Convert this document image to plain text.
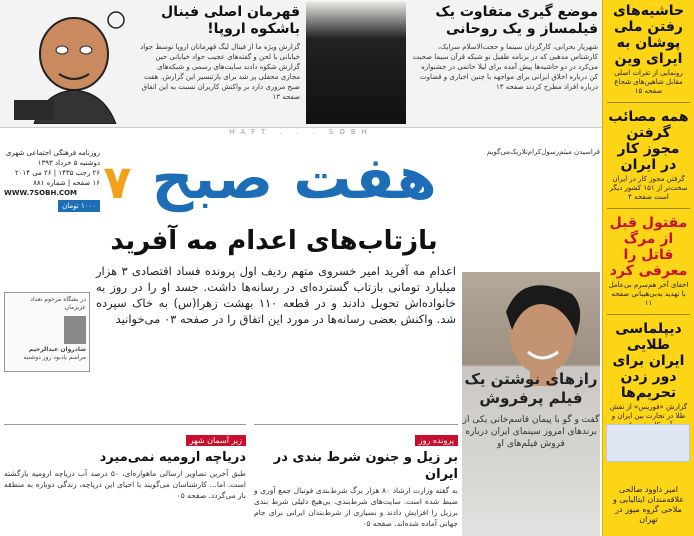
حاشیه‌های رفتن ملی پوشان به ایرای وین
رونمایی از تفرات اصلی مقابل شاهین‌های شجاع صفحه ۱۵
همه مصائب گرفتن مجوز کار در ایران
گرفتن مجوز کار در ایران سخت‌تر از ۱۵۱ کشور دیگر است صفحه ۴
مقتول قبل از مرگ قاتل را معرفی کرد
اخفای آخر هم‌سرم بی‌عامل با تهدید به‌بی‌هیبانی صفحه ۱۱
دیپلماسی طلایی ایران برای دور زدن تحریم‌ها
گزارش «فوریس» از نقش طلا در تجارت بین ایران و
امیر داوود صالحی علاقه‌مندان ایتالیایی و ملاحی گروه میوز در تهران
موضع گیری متفاوت یک فیلمساز و یک روحانی
شهریار بحرانی، کارگردان سینما و حجت‌الاسلام سرایک، کارشناس مذهبی که در برنامه طفیل نو شبکه قرآن سیما صحبت می‌کرد در دو حاشیه‌ها پیش آمده برای لیلا حاتمی در جشنواره کن درباره اخلاق ایرانی برای مواجهه با چنین اخباری و قضاوت درباره افراد مطرح کردند صفحه ۱۳
قهرمان اصلی فینال باشکوه اروپا!
گزارش ویژه ما از فینال لیگ قهرمانان اروپا توسط جواد خیابانی با لحن و گفته‌های عجیب جواد خیابانی حین گزارش شکوه دادند سایت‌های رسمی و شبکه‌های مجازی محفلی پر شد برای بازتنسیر این گزارش. هفت صبح مروری دارد بر واکنش کاربران نسبت به این اتفاق صفحه ۱۳
HAFT . . . SOBH
فراسیدن میثم‌رسول‌کرام‌تلاریک‌می‌گویم
هفت صبح ۷
روزنامه فرهنگی اجتماعی شهری
دوشنبه ۵ خرداد ۱۳۹۳
۲۶ رجب ۱۴۳۵ | ۲۶ می ۲۰۱۴
۱۶ صفحه | شماره ۸۸۱
WWW.7SOBH.COM
۱۰۰۰ تومان
بازتاب‌های اعدام مه آفرید
اعدام مه آفرید امیر خسروی متهم ردیف اول پرونده فساد اقتصادی ۳ هزار میلیارد تومانی بازتاب گسترده‌ای در رسانه‌ها داشت. جسد او را در روز به خانواده‌اش تحویل دادند و در قطعه ۱۱۰ بهشت زهرا(س) به خاک سپرده شد. واکنش بعضی رسانه‌ها در مورد این اتفاق را در صفحه ۰۳ می‌خوانید
در بشگاه مرحوم تعداد عزیزمان
شادروان عبدالرحیم
مراسم یادبود روز دوشنبه
پرونده روز
بر زیل و جنون شرط بندی در ایران
به گفته وزارت ارشاد ۸۰ هزار برگ شرط‌بندی فوتبال جمع آوری و ضبط شده است. سایت‌های شرط‌بندی، بی‌هیچ دلیلی شرط بندی برزیل را افزایش دادند و بسیاری از شرط‌بندان ایرانی برای جام جهانی آماده شده‌اند. صفحه ۰۵
زیر آسمان شهر
دریاچه ارومیه نمی‌میرد
طبق آخرین تصاویر ارسالی ماهواره‌ای، ۵۰ درصد آب دریاچه ارومیه بازگشته است. اما... کارشناسان می‌گویند با احیای این دریاچه، زندگی دوباره به منطقه باز می‌گردد. صفحه ۰۵
رازهای نوشتن یک فیلم پرفروش
گفت و گو با پیمان قاسم‌خانی یکی از برندهای امروز سینمای ایران درباره فروش فیلم‌های او
